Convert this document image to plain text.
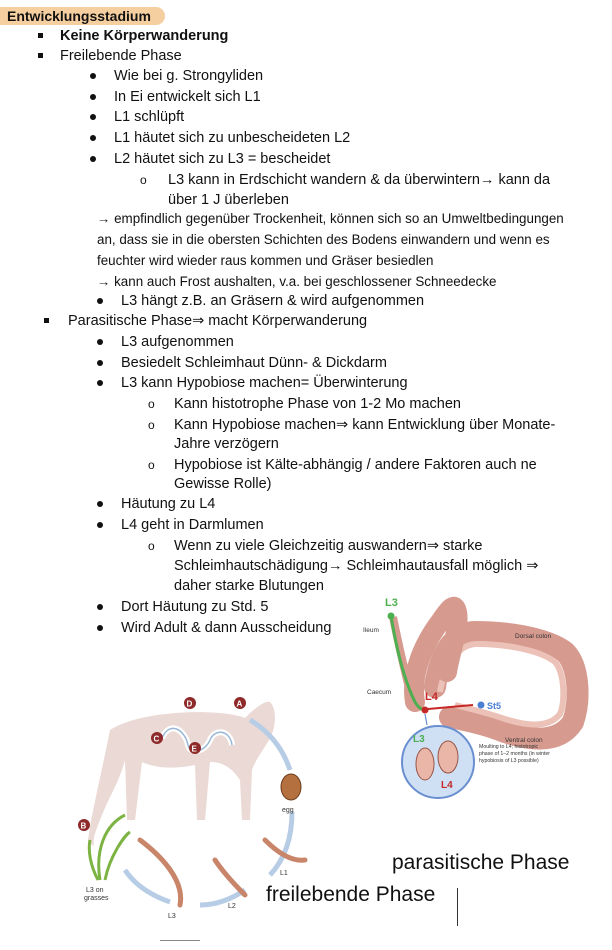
Entwicklungsstadium
Keine Körperwanderung
Freilebende Phase
Wie bei g. Strongyliden
In Ei entwickelt sich L1
L1 schlüpft
L1 häutet sich zu unbescheideten L2
L2 häutet sich zu L3 = bescheidet
o L3 kann in Erdschicht wandern & da überwintern→ kann da
über 1 J überleben
→ empfindlich gegenüber Trockenheit, können sich so an Umweltbedingungen
an, dass sie in die obersten Schichten des Bodens einwandern und wenn es
feuchter wird wieder raus kommen und Gräser besiedlen
→ kann auch Frost aushalten, v.a. bei geschlossener Schneedecke
L3 hängt z.B. an Gräsern & wird aufgenommen
Parasitische Phase⇒ macht Körperwanderung
L3 aufgenommen
Besiedelt Schleimhaut Dünn- & Dickdarm
L3 kann Hypobiose machen= Überwinterung
o Kann histotrophe Phase von 1-2 Mo machen
o Kann Hypobiose machen⇒ kann Entwicklung über Monate-
Jahre verzögern
o Hypobiose ist Kälte-abhängig / andere Faktoren auch ne
Gewisse Rolle)
Häutung zu L4
L4 geht in Darmlumen
o Wenn zu viele Gleichzeitig auswandern⇒ starke
Schleimhautschädigung→ Schleimhautausfall möglich ⇒
daher starke Blutungen
Dort Häutung zu Std. 5
Wird Adult & dann Ausscheidung
L3
Ileum
Dorsal colon
Caecum	L4
St5
Ventral colon
L3
L4
Moulting to L4; histotropic
phase of 1–2 months (in winter
hypobiosis of L3 possible)
egg
L1
L2
L3
L3 on
grasses
A
B
C
D
E
parasitische Phase
freilebende Phase
